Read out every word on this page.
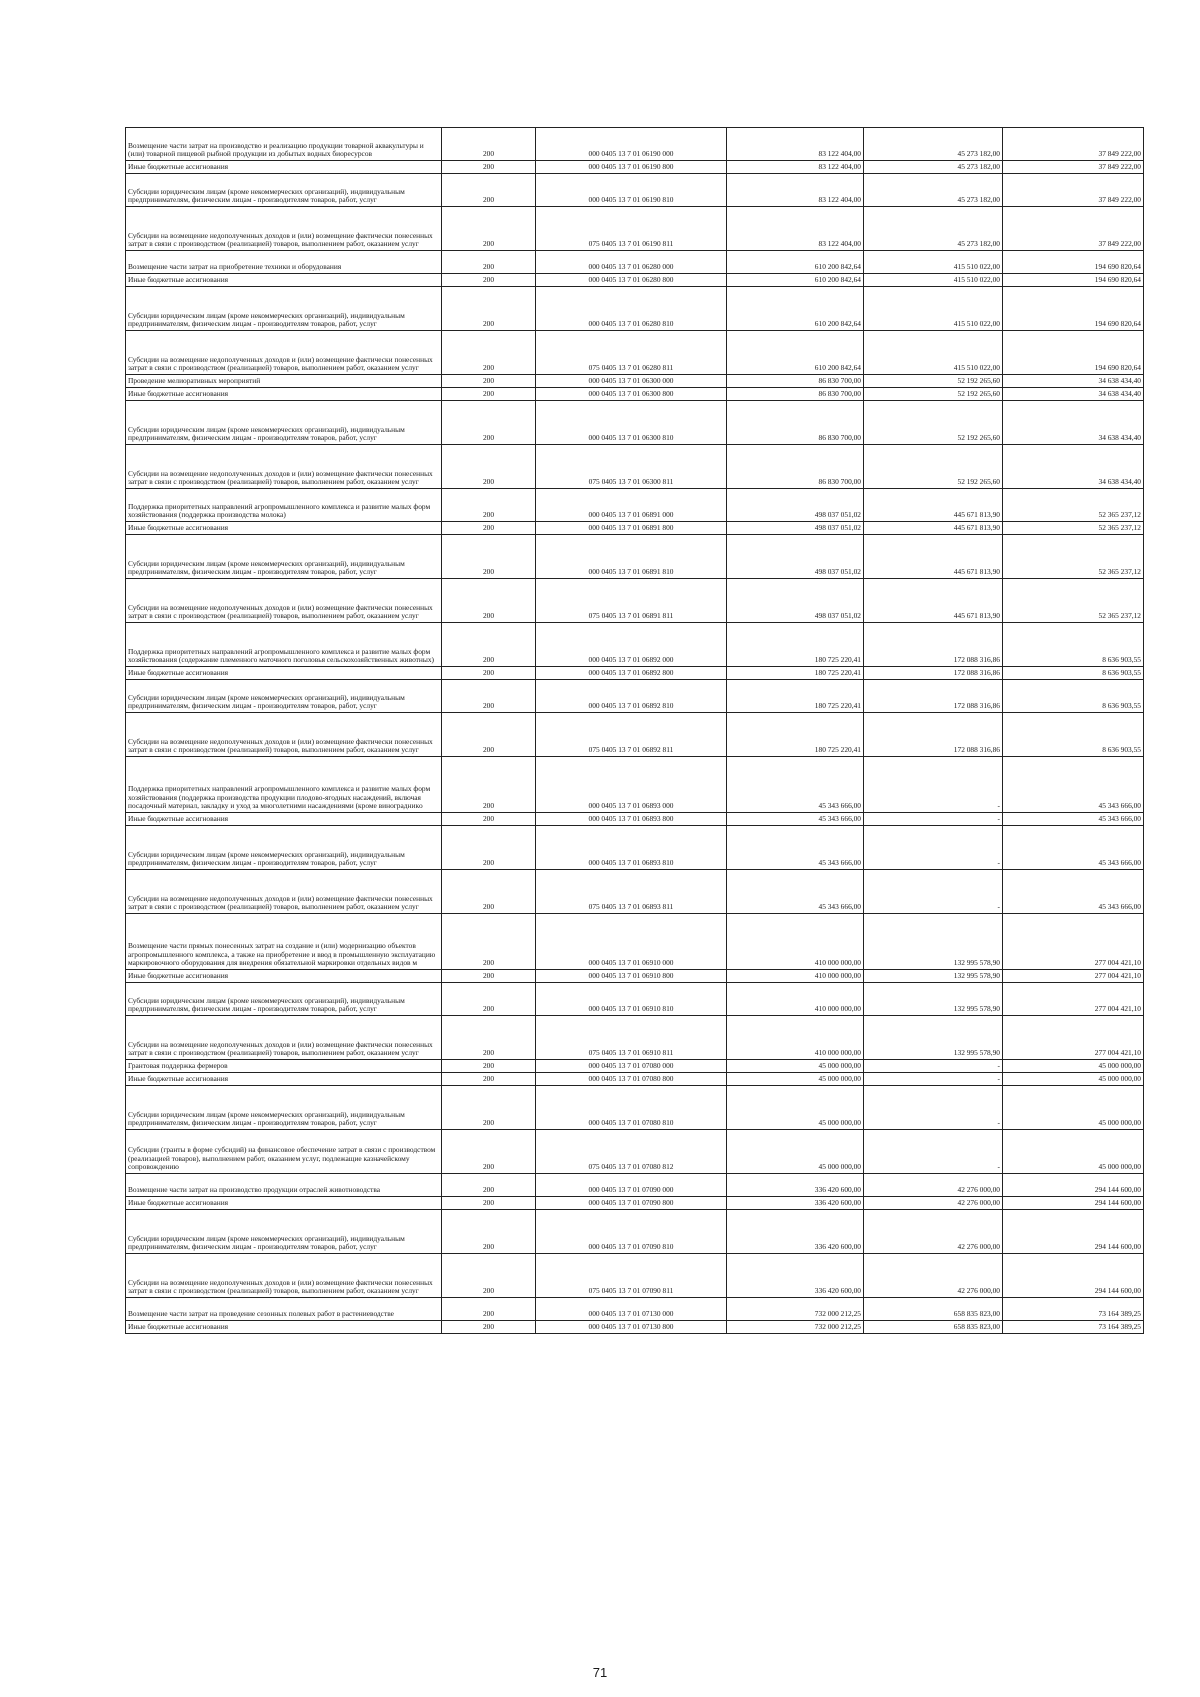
Возмещение части затрат на производство и реализацию продукции товарной аквакультуры и (или) товарной пищевой рыбной продукции из добытых водных биоресурсов	200	000 0405 13 7 01 06190 000	83 122 404,00	45 273 182,00	37 849 222,00
Иные бюджетные ассигнования	200	000 0405 13 7 01 06190 800	83 122 404,00	45 273 182,00	37 849 222,00
Субсидии юридическим лицам (кроме некоммерческих организаций), индивидуальным предпринимателям, физическим лицам - производителям товаров, работ, услуг	200	000 0405 13 7 01 06190 810	83 122 404,00	45 273 182,00	37 849 222,00
Субсидии на возмещение недополученных доходов и (или) возмещение фактически понесенных затрат в связи с производством (реализацией) товаров, выполнением работ, оказанием услуг	200	075 0405 13 7 01 06190 811	83 122 404,00	45 273 182,00	37 849 222,00
Возмещение части затрат на приобретение техники и оборудования	200	000 0405 13 7 01 06280 000	610 200 842,64	415 510 022,00	194 690 820,64
Иные бюджетные ассигнования	200	000 0405 13 7 01 06280 800	610 200 842,64	415 510 022,00	194 690 820,64
Субсидии юридическим лицам (кроме некоммерческих организаций), индивидуальным предпринимателям, физическим лицам - производителям товаров, работ, услуг	200	000 0405 13 7 01 06280 810	610 200 842,64	415 510 022,00	194 690 820,64
Субсидии на возмещение недополученных доходов и (или) возмещение фактически понесенных затрат в связи с производством (реализацией) товаров, выполнением работ, оказанием услуг	200	075 0405 13 7 01 06280 811	610 200 842,64	415 510 022,00	194 690 820,64
Проведение мелиоративных мероприятий	200	000 0405 13 7 01 06300 000	86 830 700,00	52 192 265,60	34 638 434,40
Иные бюджетные ассигнования	200	000 0405 13 7 01 06300 800	86 830 700,00	52 192 265,60	34 638 434,40
Субсидии юридическим лицам (кроме некоммерческих организаций), индивидуальным предпринимателям, физическим лицам - производителям товаров, работ, услуг	200	000 0405 13 7 01 06300 810	86 830 700,00	52 192 265,60	34 638 434,40
Субсидии на возмещение недополученных доходов и (или) возмещение фактически понесенных затрат в связи с производством (реализацией) товаров, выполнением работ, оказанием услуг	200	075 0405 13 7 01 06300 811	86 830 700,00	52 192 265,60	34 638 434,40
Поддержка приоритетных направлений агропромышленного комплекса и развитие малых форм хозяйствования (поддержка производства молока)	200	000 0405 13 7 01 06891 000	498 037 051,02	445 671 813,90	52 365 237,12
Иные бюджетные ассигнования	200	000 0405 13 7 01 06891 800	498 037 051,02	445 671 813,90	52 365 237,12
Субсидии юридическим лицам (кроме некоммерческих организаций), индивидуальным предпринимателям, физическим лицам - производителям товаров, работ, услуг	200	000 0405 13 7 01 06891 810	498 037 051,02	445 671 813,90	52 365 237,12
Субсидии на возмещение недополученных доходов и (или) возмещение фактически понесенных затрат в связи с производством (реализацией) товаров, выполнением работ, оказанием услуг	200	075 0405 13 7 01 06891 811	498 037 051,02	445 671 813,90	52 365 237,12
Поддержка приоритетных направлений агропромышленного комплекса и развитие малых форм хозяйствования (содержание племенного маточного поголовья сельскохозяйственных животных)	200	000 0405 13 7 01 06892 000	180 725 220,41	172 088 316,86	8 636 903,55
Иные бюджетные ассигнования	200	000 0405 13 7 01 06892 800	180 725 220,41	172 088 316,86	8 636 903,55
Субсидии юридическим лицам (кроме некоммерческих организаций), индивидуальным предпринимателям, физическим лицам - производителям товаров, работ, услуг	200	000 0405 13 7 01 06892 810	180 725 220,41	172 088 316,86	8 636 903,55
Субсидии на возмещение недополученных доходов и (или) возмещение фактически понесенных затрат в связи с производством (реализацией) товаров, выполнением работ, оказанием услуг	200	075 0405 13 7 01 06892 811	180 725 220,41	172 088 316,86	8 636 903,55
Поддержка приоритетных направлений агропромышленного комплекса и развитие малых форм хозяйствования (поддержка производства продукции плодово-ягодных насаждений, включая посадочный материал, закладку и уход за многолетними насаждениями (кроме виноградникo	200	000 0405 13 7 01 06893 000	45 343 666,00	-	45 343 666,00
Иные бюджетные ассигнования	200	000 0405 13 7 01 06893 800	45 343 666,00	-	45 343 666,00
Субсидии юридическим лицам (кроме некоммерческих организаций), индивидуальным предпринимателям, физическим лицам - производителям товаров, работ, услуг	200	000 0405 13 7 01 06893 810	45 343 666,00	-	45 343 666,00
Субсидии на возмещение недополученных доходов и (или) возмещение фактически понесенных затрат в связи с производством (реализацией) товаров, выполнением работ, оказанием услуг	200	075 0405 13 7 01 06893 811	45 343 666,00	-	45 343 666,00
Возмещение части прямых понесенных затрат на создание и (или) модернизацию объектов агропромышленного комплекса, а также на приобретение и ввод в промышленную эксплуатацию маркировочного оборудования для внедрения обязательной маркировки отдельных видов м	200	000 0405 13 7 01 06910 000	410 000 000,00	132 995 578,90	277 004 421,10
Иные бюджетные ассигнования	200	000 0405 13 7 01 06910 800	410 000 000,00	132 995 578,90	277 004 421,10
Субсидии юридическим лицам (кроме некоммерческих организаций), индивидуальным предпринимателям, физическим лицам - производителям товаров, работ, услуг	200	000 0405 13 7 01 06910 810	410 000 000,00	132 995 578,90	277 004 421,10
Субсидии на возмещение недополученных доходов и (или) возмещение фактически понесенных затрат в связи с производством (реализацией) товаров, выполнением работ, оказанием услуг	200	075 0405 13 7 01 06910 811	410 000 000,00	132 995 578,90	277 004 421,10
Грантовая поддержка фермеров	200	000 0405 13 7 01 07080 000	45 000 000,00	-	45 000 000,00
Иные бюджетные ассигнования	200	000 0405 13 7 01 07080 800	45 000 000,00	-	45 000 000,00
Субсидии юридическим лицам (кроме некоммерческих организаций), индивидуальным предпринимателям, физическим лицам - производителям товаров, работ, услуг	200	000 0405 13 7 01 07080 810	45 000 000,00	-	45 000 000,00
Субсидии (гранты в форме субсидий) на финансовое обеспечение затрат в связи с производством (реализацией товаров), выполнением работ, оказанием услуг, подлежащие казначейскому сопровождению	200	075 0405 13 7 01 07080 812	45 000 000,00	-	45 000 000,00
Возмещение части затрат на производство продукции отраслей животноводства	200	000 0405 13 7 01 07090 000	336 420 600,00	42 276 000,00	294 144 600,00
Иные бюджетные ассигнования	200	000 0405 13 7 01 07090 800	336 420 600,00	42 276 000,00	294 144 600,00
Субсидии юридическим лицам (кроме некоммерческих организаций), индивидуальным предпринимателям, физическим лицам - производителям товаров, работ, услуг	200	000 0405 13 7 01 07090 810	336 420 600,00	42 276 000,00	294 144 600,00
Субсидии на возмещение недополученных доходов и (или) возмещение фактически понесенных затрат в связи с производством (реализацией) товаров, выполнением работ, оказанием услуг	200	075 0405 13 7 01 07090 811	336 420 600,00	42 276 000,00	294 144 600,00
Возмещение части затрат на проведение сезонных полевых работ в растениеводстве	200	000 0405 13 7 01 07130 000	732 000 212,25	658 835 823,00	73 164 389,25
Иные бюджетные ассигнования	200	000 0405 13 7 01 07130 800	732 000 212,25	658 835 823,00	73 164 389,25
71
